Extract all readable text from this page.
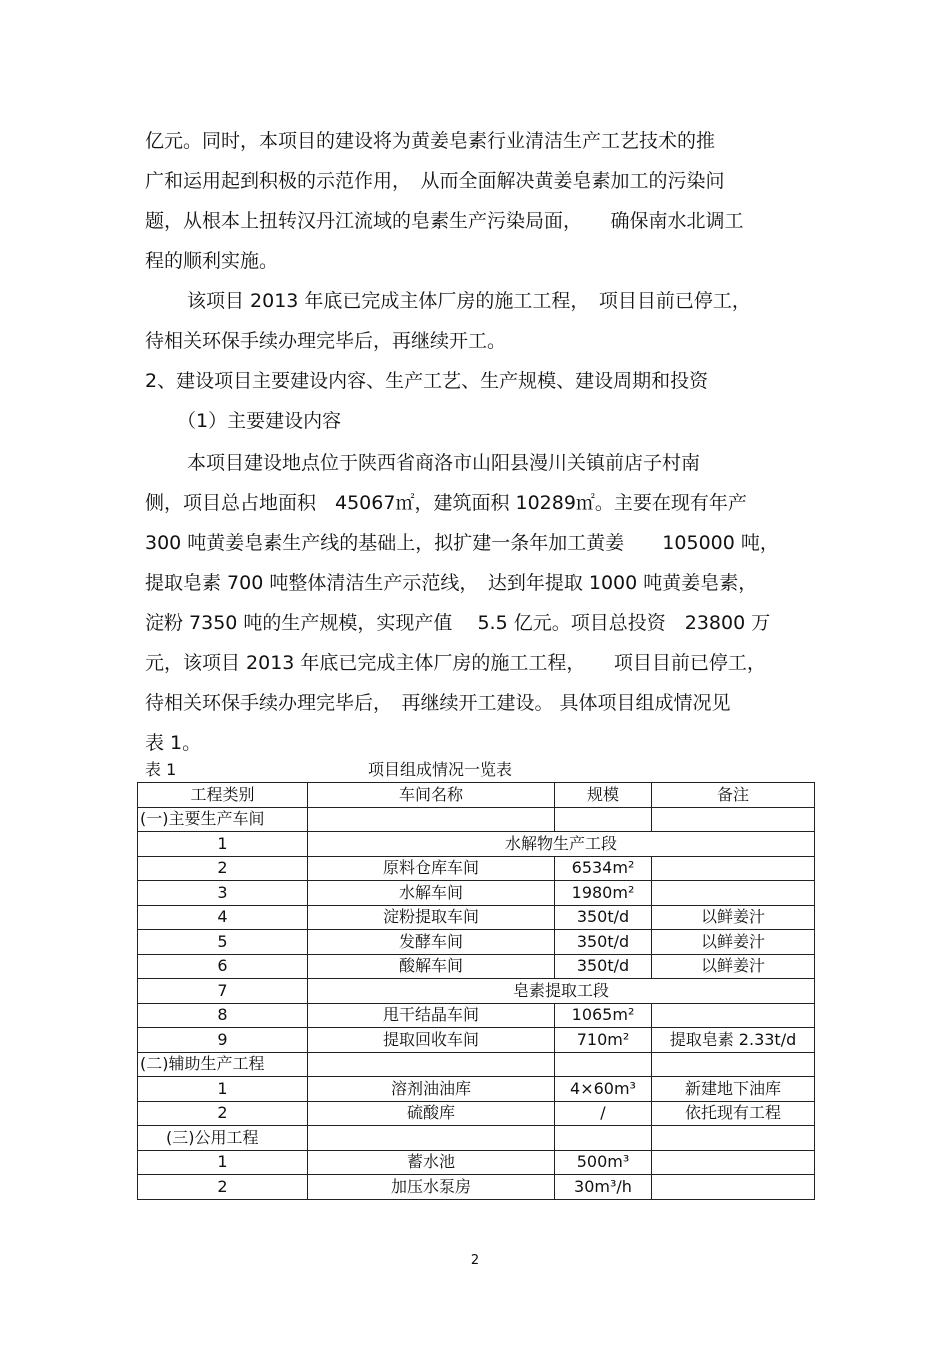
亿元。同时，本项目的建设将为黄姜皂素行业清洁生产工艺技术的推
广和运用起到积极的示范作用，　从而全面解决黄姜皂素加工的污染问
题，从根本上扭转汉丹江流域的皂素生产污染局面，　　确保南水北调工
程的顺利实施。
该项目 2013 年底已完成主体厂房的施工工程，　项目目前已停工，
待相关环保手续办理完毕后，再继续开工。
2、建设项目主要建设内容、生产工艺、生产规模、建设周期和投资
（1）主要建设内容
本项目建设地点位于陕西省商洛市山阳县漫川关镇前店子村南
侧，项目总占地面积　45067㎡，建筑面积 10289㎡。主要在现有年产
300 吨黄姜皂素生产线的基础上，拟扩建一条年加工黄姜　　105000 吨，
提取皂素 700 吨整体清洁生产示范线，　达到年提取 1000 吨黄姜皂素，
淀粉 7350 吨的生产规模，实现产值　 5.5 亿元。项目总投资　23800 万
元，该项目 2013 年底已完成主体厂房的施工工程，　　项目目前已停工，
待相关环保手续办理完毕后，　再继续开工建设。 具体项目组成情况见
表 1。
表 1	项目组成情况一览表
工程类别	车间名称	规模	备注
(一)主要生产车间			
1	水解物生产工段		
2	原料仓库车间	6534m²	
3	水解车间	1980m²	
4	淀粉提取车间	350t/d	以鲜姜汁
5	发酵车间	350t/d	以鲜姜汁
6	酸解车间	350t/d	以鲜姜汁
7	皂素提取工段		
8	甩干结晶车间	1065m²	
9	提取回收车间	710m²	提取皂素 2.33t/d
(二)辅助生产工程			
1	溶剂油油库	4×60m³	新建地下油库
2	硫酸库	/	依托现有工程
(三)公用工程			
1	蓄水池	500m³	
2	加压水泵房	30m³/h	
2
